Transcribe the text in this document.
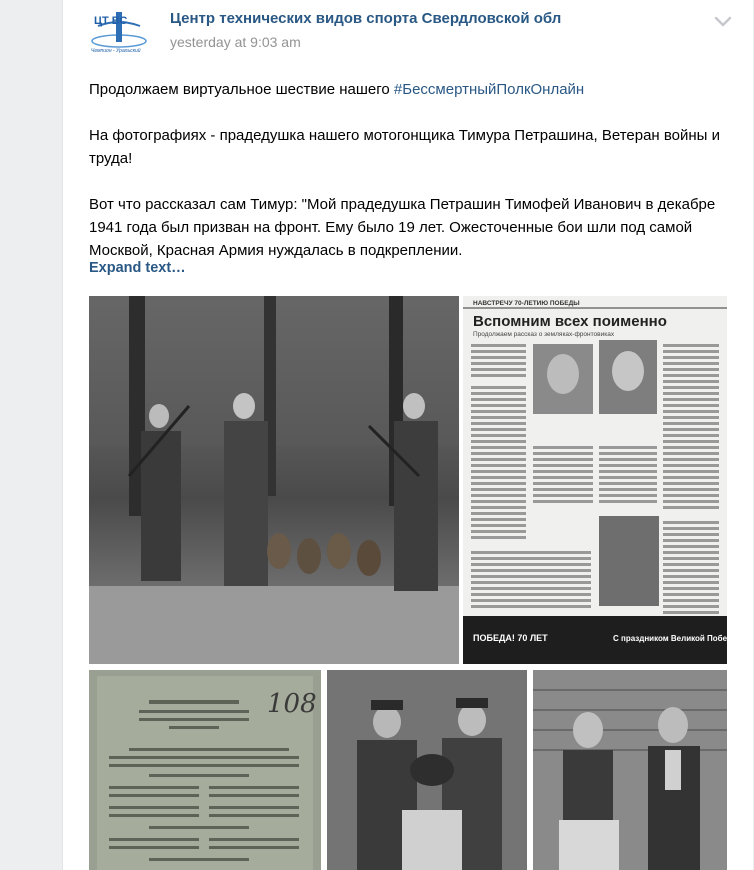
ЦТ ВС
Чемпион - Уральский
Центр технических видов спорта Свердловской обл
yesterday at 9:03 am

Продолжаем виртуальное шествие нашего #БессмертныйПолкОнлайн

На фотографиях - прадедушка нашего мотогонщика Тимура Петрашина, Ветеран войны и труда!

Вот что рассказал сам Тимур: "Мой прадедушка Петрашин Тимофей Иванович в декабре 1941 года был призван на фронт. Ему было 19 лет. Ожесточенные бои шли под самой Москвой, Красная Армия нуждалась в подкреплении.

Expand text…
НАВСТРЕЧУ 70-ЛЕТИЮ ПОБЕДЫ
Вспомним всех поименно
Продолжаем рассказ о земляках-фронтовиках
ПОБЕДА! 70 ЛЕТ	С праздником Великой Победы!
108
